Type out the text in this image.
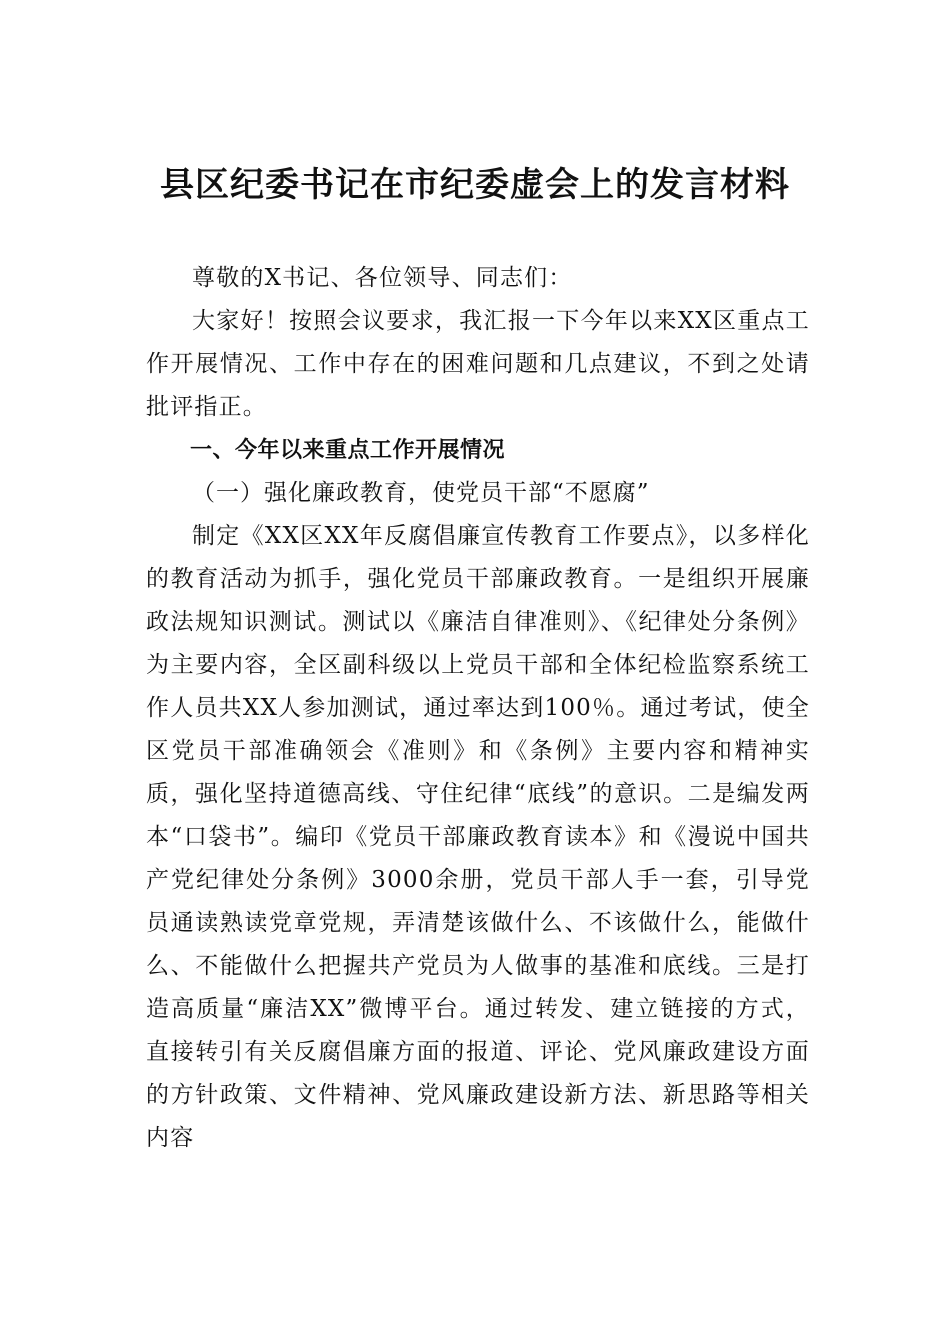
县区纪委书记在市纪委虚会上的发言材料

尊敬的X书记、各位领导、同志们：

大家好！按照会议要求，我汇报一下今年以来XX区重点工作开展情况、工作中存在的困难问题和几点建议，不到之处请批评指正。

一、今年以来重点工作开展情况

（一）强化廉政教育，使党员干部“不愿腐”

制定《XX区XX年反腐倡廉宣传教育工作要点》，以多样化的教育活动为抓手，强化党员干部廉政教育。一是组织开展廉政法规知识测试。测试以《廉洁自律准则》、《纪律处分条例》为主要内容，全区副科级以上党员干部和全体纪检监察系统工作人员共XX人参加测试，通过率达到100％。通过考试，使全区党员干部准确领会《准则》和《条例》主要内容和精神实质，强化坚持道德高线、守住纪律“底线”的意识。二是编发两本“口袋书”。编印《党员干部廉政教育读本》和《漫说中国共产党纪律处分条例》3000余册，党员干部人手一套，引导党员通读熟读党章党规，弄清楚该做什么、不该做什么，能做什么、不能做什么把握共产党员为人做事的基准和底线。三是打造高质量“廉洁XX”微博平台。通过转发、建立链接的方式，直接转引有关反腐倡廉方面的报道、评论、党风廉政建设方面的方针政策、文件精神、党风廉政建设新方法、新思路等相关内容
